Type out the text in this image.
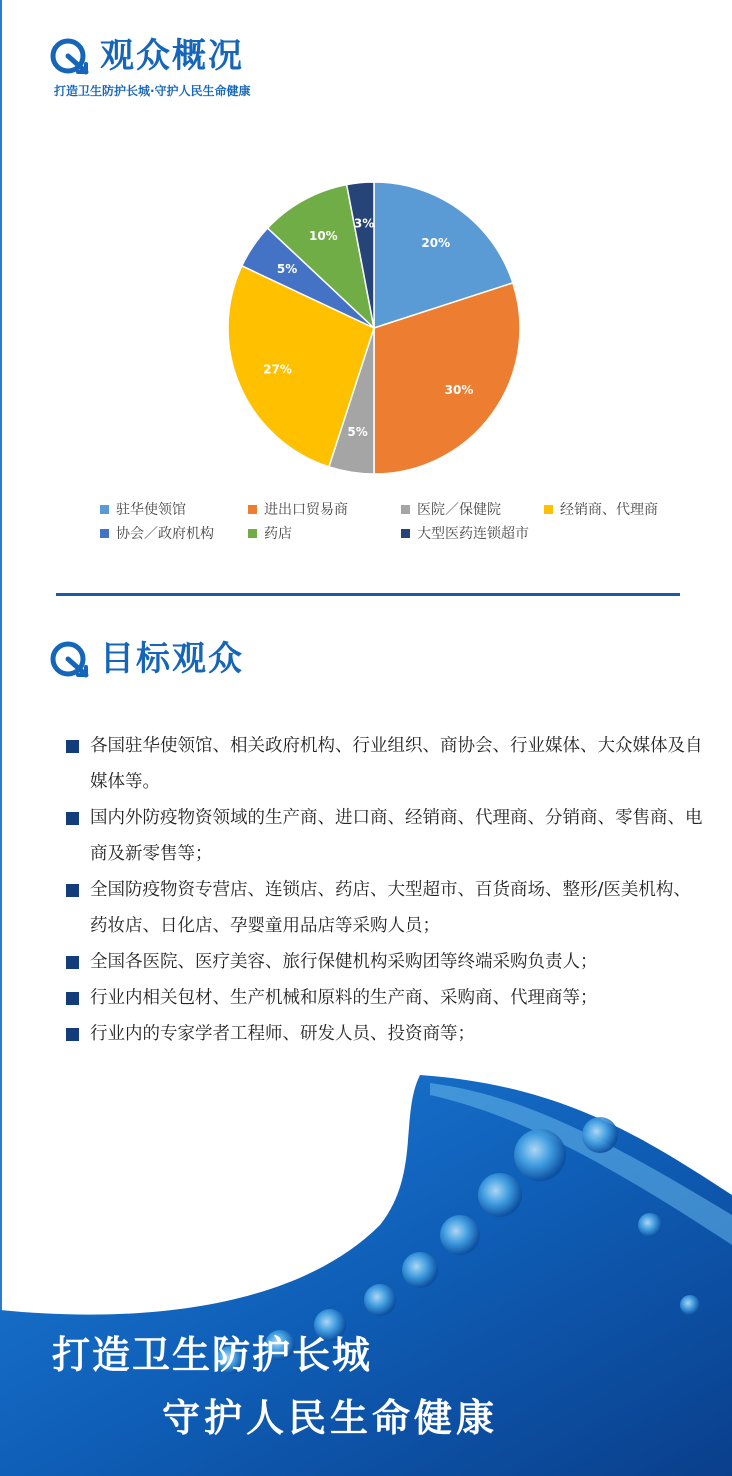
观众概况
打造卫生防护长城·守护人民生命健康
20%
30%
5%
27%
5%
10%
3%
驻华使领馆	进出口贸易商	医院／保健院	经销商、代理商
协会／政府机构	药店	大型医药连锁超市
目标观众
各国驻华使领馆、相关政府机构、行业组织、商协会、行业媒体、大众媒体及自媒体等。
国内外防疫物资领域的生产商、进口商、经销商、代理商、分销商、零售商、电商及新零售等；
全国防疫物资专营店、连锁店、药店、大型超市、百货商场、整形/医美机构、药妆店、日化店、孕婴童用品店等采购人员；
全国各医院、医疗美容、旅行保健机构采购团等终端采购负责人；
行业内相关包材、生产机械和原料的生产商、采购商、代理商等；
行业内的专家学者工程师、研发人员、投资商等；
打造卫生防护长城
守护人民生命健康
